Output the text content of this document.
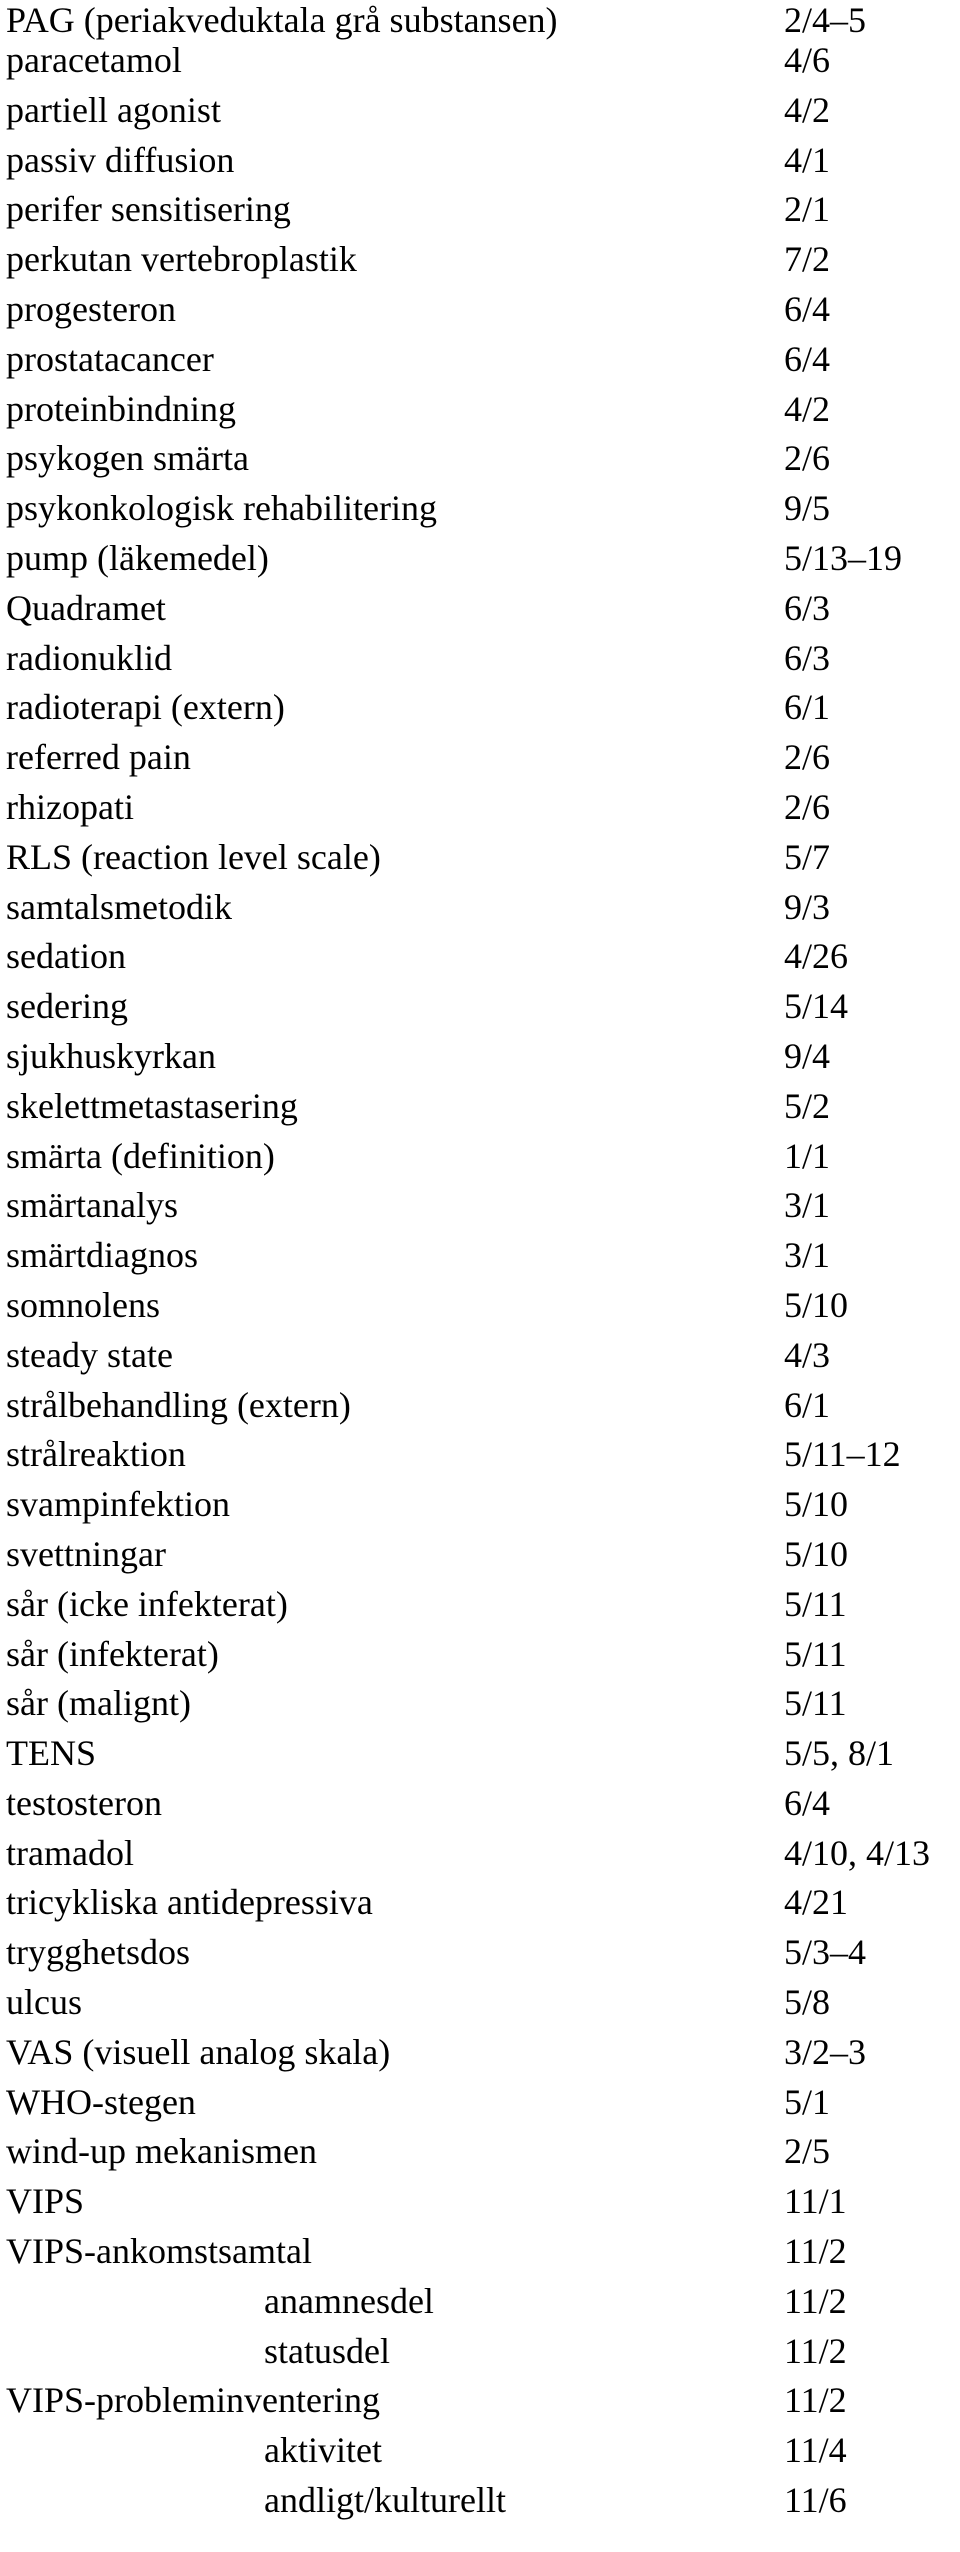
PAG (periakveduktala grå substansen)	2/4–5
paracetamol	4/6
partiell agonist	4/2
passiv diffusion	4/1
perifer sensitisering	2/1
perkutan vertebroplastik	7/2
progesteron	6/4
prostatacancer	6/4
proteinbindning	4/2
psykogen smärta	2/6
psykonkologisk rehabilitering	9/5
pump (läkemedel)	5/13–19
Quadramet	6/3
radionuklid	6/3
radioterapi (extern)	6/1
referred pain	2/6
rhizopati	2/6
RLS (reaction level scale)	5/7
samtalsmetodik	9/3
sedation	4/26
sedering	5/14
sjukhuskyrkan	9/4
skelettmetastasering	5/2
smärta (definition)	1/1
smärtanalys	3/1
smärtdiagnos	3/1
somnolens	5/10
steady state	4/3
strålbehandling (extern)	6/1
strålreaktion	5/11–12
svampinfektion	5/10
svettningar	5/10
sår (icke infekterat)	5/11
sår (infekterat)	5/11
sår (malignt)	5/11
TENS	5/5, 8/1
testosteron	6/4
tramadol	4/10, 4/13
tricykliska antidepressiva	4/21
trygghetsdos	5/3–4
ulcus	5/8
VAS (visuell analog skala)	3/2–3
WHO-stegen	5/1
wind-up mekanismen	2/5
VIPS	11/1
VIPS-ankomstsamtal	11/2
anamnesdel	11/2
statusdel	11/2
VIPS-probleminventering	11/2
aktivitet	11/4
andligt/kulturellt	11/6
